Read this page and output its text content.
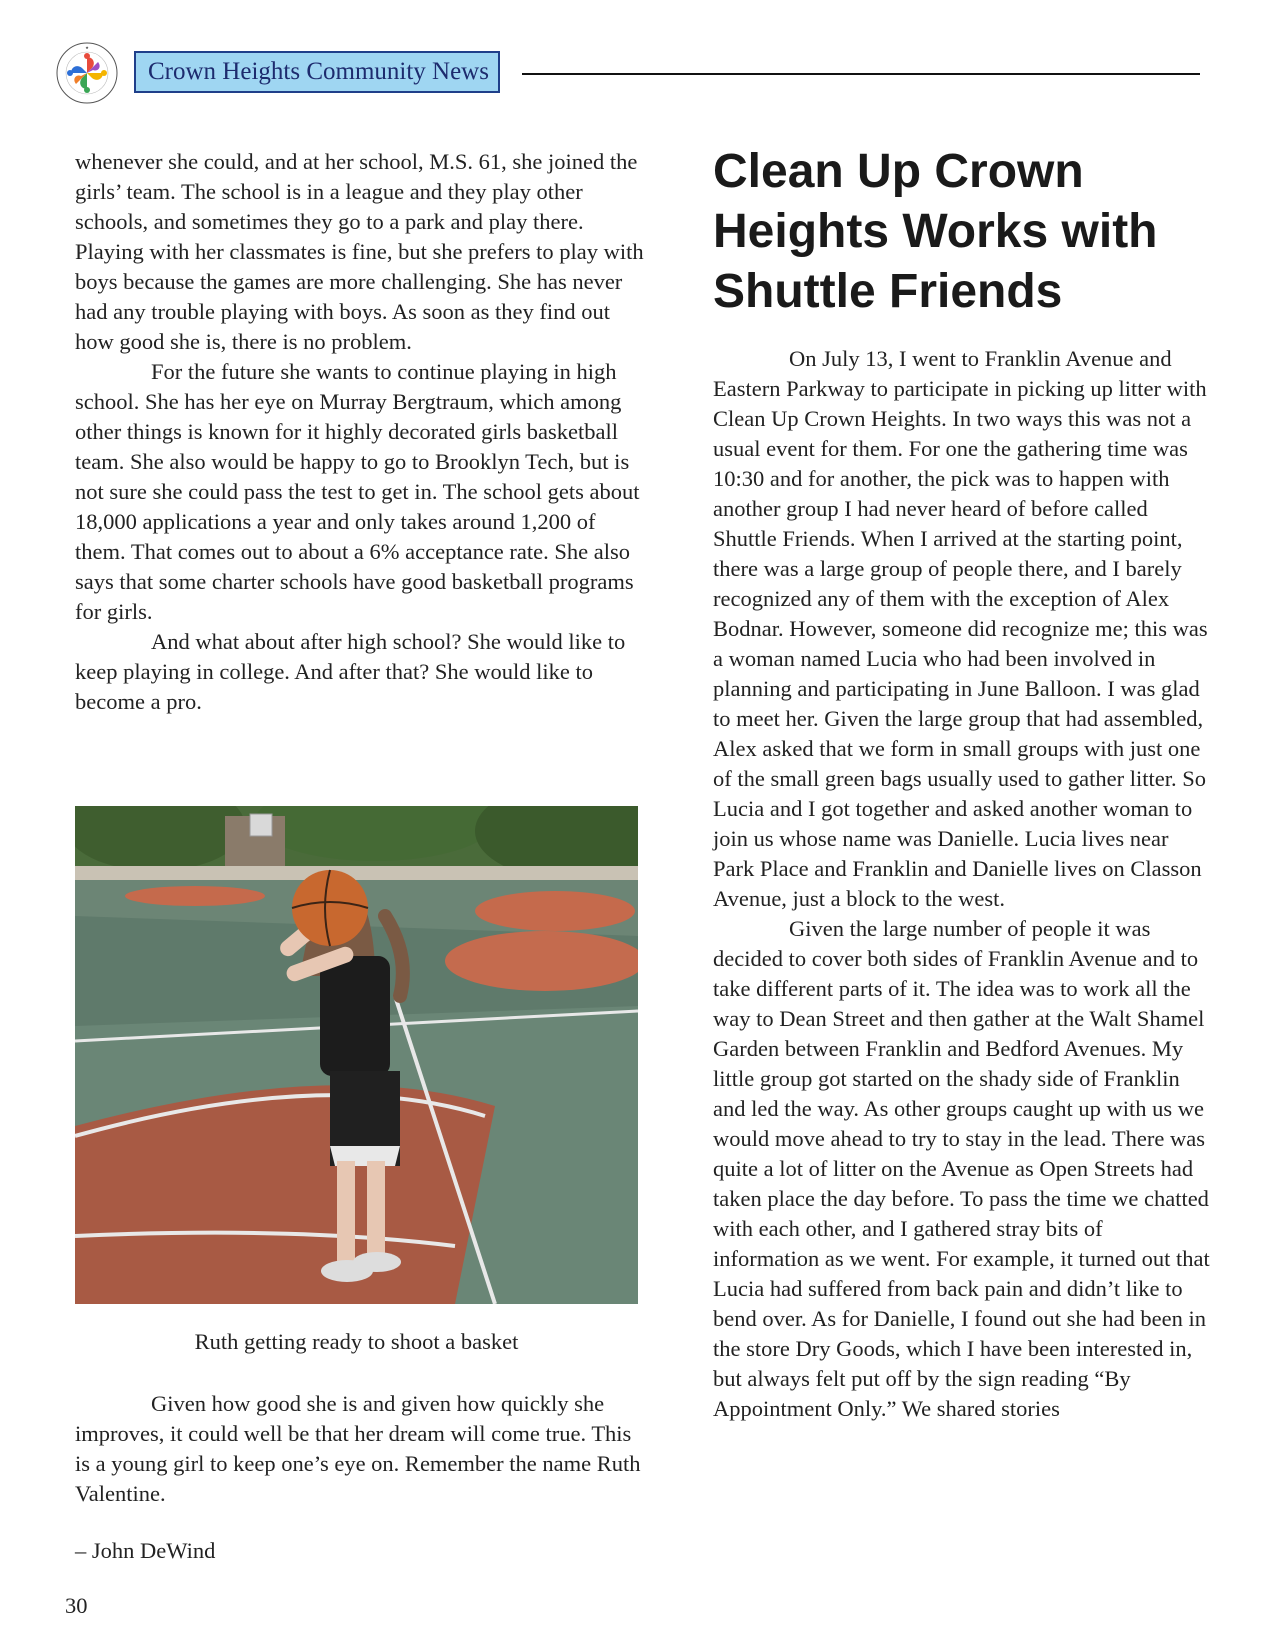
★
Crown Heights Community News

whenever she could, and at her school, M.S. 61, she joined the girls’ team. The school is in a league and they play other schools, and sometimes they go to a park and play there. Playing with her classmates is fine, but she prefers to play with boys because the games are more challenging. She has never had any trouble playing with boys. As soon as they find out how good she is, there is no problem.

For the future she wants to continue playing in high school. She has her eye on Murray Bergtraum, which among other things is known for it highly decorated girls basketball team. She also would be happy to go to Brooklyn Tech, but is not sure she could pass the test to get in. The school gets about 18,000 applications a year and only takes around 1,200 of them. That comes out to about a 6% acceptance rate. She also says that some charter schools have good basketball programs for girls.

And what about after high school? She would like to keep playing in college. And after that? She would like to become a pro.

Ruth getting ready to shoot a basket

Given how good she is and given how quickly she improves, it could well be that her dream will come true. This is a young girl to keep one’s eye on. Remember the name Ruth Valentine.

– John DeWind
Clean Up Crown Heights Works with Shuttle Friends

On July 13, I went to Franklin Avenue and Eastern Parkway to participate in picking up litter with Clean Up Crown Heights. In two ways this was not a usual event for them. For one the gathering time was 10:30 and for another, the pick was to happen with another group I had never heard of before called Shuttle Friends. When I arrived at the starting point, there was a large group of people there, and I barely recognized any of them with the exception of Alex Bodnar. However, someone did recognize me; this was a woman named Lucia who had been involved in planning and participating in June Balloon. I was glad to meet her. Given the large group that had assembled, Alex asked that we form in small groups with just one of the small green bags usually used to gather litter. So Lucia and I got together and asked another woman to join us whose name was Danielle. Lucia lives near Park Place and Franklin and Danielle lives on Classon Avenue, just a block to the west.

Given the large number of people it was decided to cover both sides of Franklin Avenue and to take different parts of it. The idea was to work all the way to Dean Street and then gather at the Walt Shamel Garden between Franklin and Bedford Avenues. My little group got started on the shady side of Franklin and led the way. As other groups caught up with us we would move ahead to try to stay in the lead. There was quite a lot of litter on the Avenue as Open Streets had taken place the day before. To pass the time we chatted with each other, and I gathered stray bits of information as we went. For example, it turned out that Lucia had suffered from back pain and didn’t like to bend over. As for Danielle, I found out she had been in the store Dry Goods, which I have been interested in, but always felt put off by the sign reading “By Appointment Only.” We shared stories

30
